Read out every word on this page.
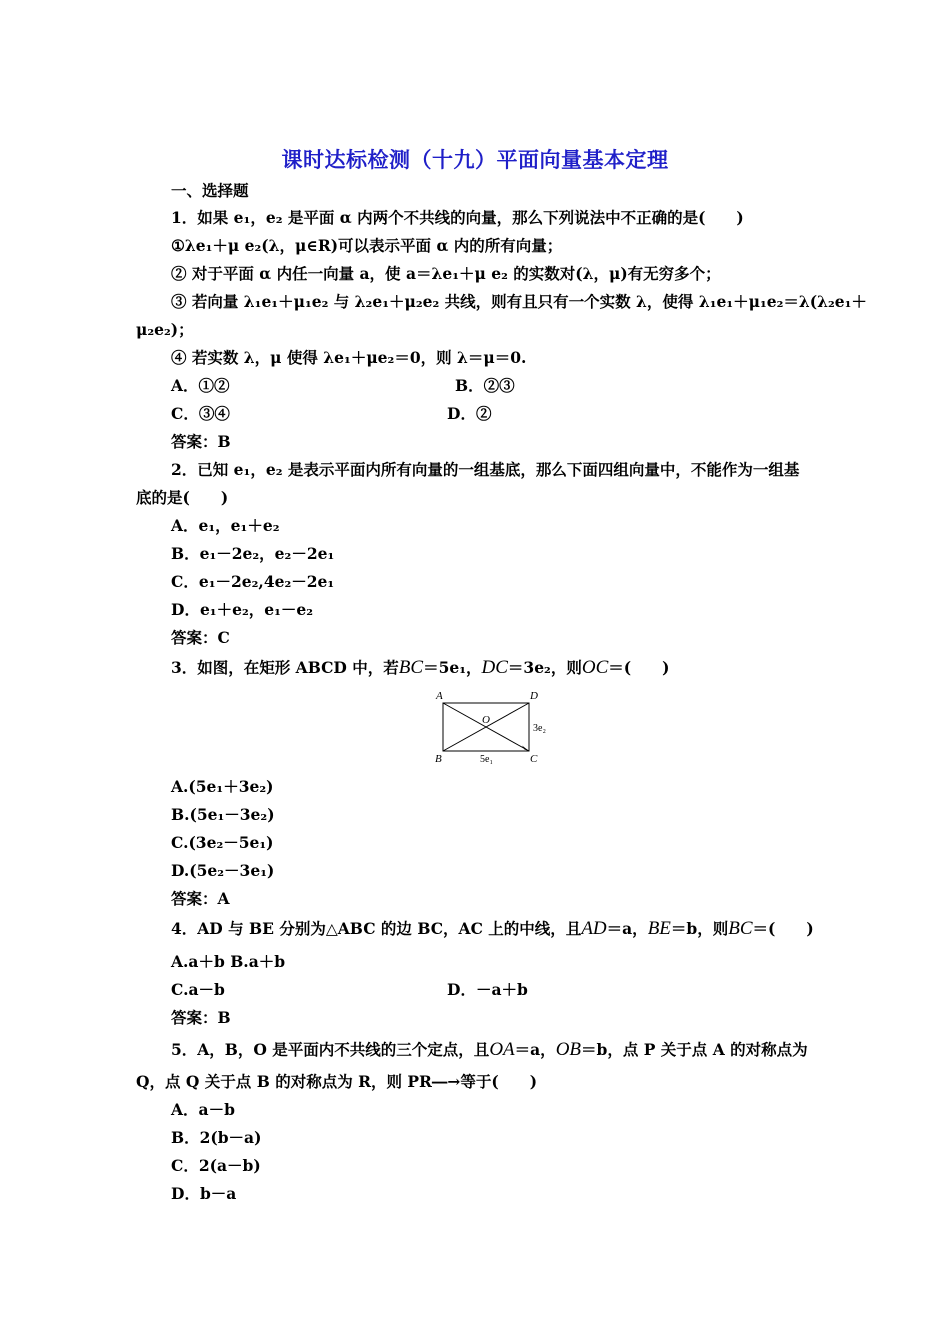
课时达标检测（十九）平面向量基本定理
一、选择题
1．如果 e₁，e₂ 是平面 α 内两个不共线的向量，那么下列说法中不正确的是(　　)
①λe₁＋μ e₂(λ，μ∈R)可以表示平面 α 内的所有向量；
② 对于平面 α 内任一向量 a，使 a＝λe₁＋μ e₂ 的实数对(λ，μ)有无穷多个；
③ 若向量 λ₁e₁＋μ₁e₂ 与 λ₂e₁＋μ₂e₂ 共线，则有且只有一个实数 λ，使得 λ₁e₁＋μ₁e₂＝λ(λ₂e₁＋
μ₂e₂)；
④ 若实数 λ，μ 使得 λe₁＋μe₂＝0，则 λ＝μ＝0.
A．①②	B．②③
C．③④	D．②
答案：B
2．已知 e₁，e₂ 是表示平面内所有向量的一组基底，那么下面四组向量中，不能作为一组基
底的是(　　)
A．e₁，e₁＋e₂
B．e₁－2e₂，e₂－2e₁
C．e₁－2e₂,4e₂－2e₁
D．e₁＋e₂，e₁－e₂
答案：C
3．如图，在矩形 ABCD 中，若BC＝5e₁，DC＝3e₂，则OC＝(　　)
A	D
B	C
O
3e₂
5e₁
A.(5e₁＋3e₂)
B.(5e₁－3e₂)
C.(3e₂－5e₁)
D.(5e₂－3e₁)
答案：A
4．AD 与 BE 分别为△ABC 的边 BC，AC 上的中线，且AD＝a，BE＝b，则BC＝(　　)
A.a＋b B.a＋b
C.a－b	D．－a＋b
答案：B
5．A，B，O 是平面内不共线的三个定点，且OA＝a，OB＝b，点 P 关于点 A 的对称点为
Q，点 Q 关于点 B 的对称点为 R，则 PR―→等于(　　)
A．a－b
B．2(b－a)
C．2(a－b)
D．b－a
